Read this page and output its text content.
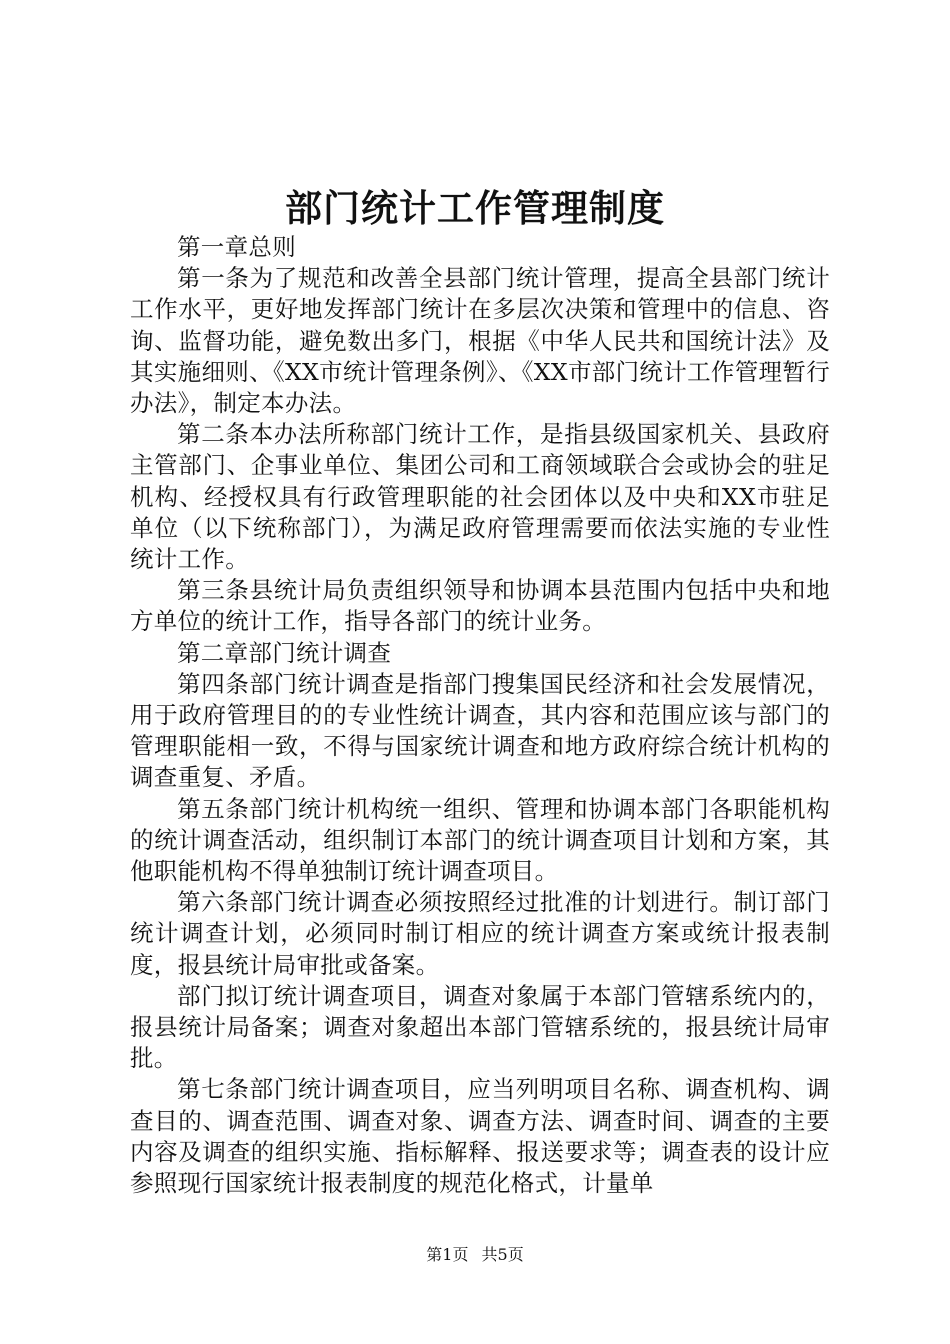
部门统计工作管理制度

第一章总则

第一条为了规范和改善全县部门统计管理，提高全县部门统计工作水平，更好地发挥部门统计在多层次决策和管理中的信息、咨询、监督功能，避免数出多门，根据《中华人民共和国统计法》及其实施细则、《XX市统计管理条例》、《XX市部门统计工作管理暂行办法》，制定本办法。

第二条本办法所称部门统计工作，是指县级国家机关、县政府主管部门、企事业单位、集团公司和工商领域联合会或协会的驻足机构、经授权具有行政管理职能的社会团体以及中央和XX市驻足单位（以下统称部门），为满足政府管理需要而依法实施的专业性统计工作。

第三条县统计局负责组织领导和协调本县范围内包括中央和地方单位的统计工作，指导各部门的统计业务。

第二章部门统计调查

第四条部门统计调查是指部门搜集国民经济和社会发展情况，用于政府管理目的的专业性统计调查，其内容和范围应该与部门的管理职能相一致，不得与国家统计调查和地方政府综合统计机构的调查重复、矛盾。

第五条部门统计机构统一组织、管理和协调本部门各职能机构的统计调查活动，组织制订本部门的统计调查项目计划和方案，其他职能机构不得单独制订统计调查项目。

第六条部门统计调查必须按照经过批准的计划进行。制订部门统计调查计划，必须同时制订相应的统计调查方案或统计报表制度，报县统计局审批或备案。

部门拟订统计调查项目，调查对象属于本部门管辖系统内的，报县统计局备案；调查对象超出本部门管辖系统的，报县统计局审批。

第七条部门统计调查项目，应当列明项目名称、调查机构、调查目的、调查范围、调查对象、调查方法、调查时间、调查的主要内容及调查的组织实施、指标解释、报送要求等；调查表的设计应参照现行国家统计报表制度的规范化格式，计量单

第1页 共5页
